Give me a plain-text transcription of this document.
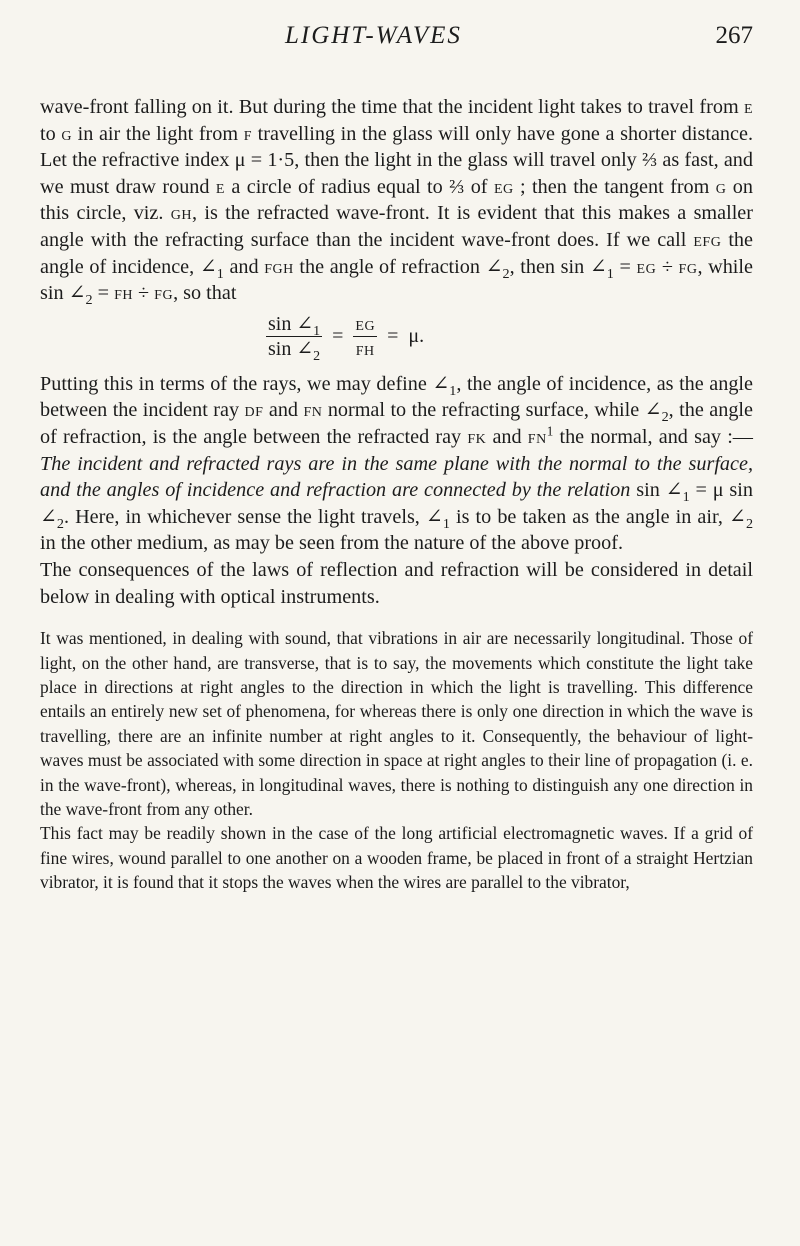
LIGHT-WAVES	267

wave-front falling on it. But during the time that the incident light takes to travel from e to g in air the light from f travelling in the glass will only have gone a shorter distance. Let the refractive index μ = 1·5, then the light in the glass will travel only ⅔ as fast, and we must draw round e a circle of radius equal to ⅔ of eg ; then the tangent from g on this circle, viz. gh, is the refracted wave-front. It is evident that this makes a smaller angle with the refracting surface than the incident wave-front does. If we call efg the angle of incidence, $\angle_1$ and fgh the angle of refraction $\angle_2$, then $\sin \angle_1$ = eg ÷ fg, while $\sin \angle_2$ = fh ÷ fg, so that

$\frac{\sin \angle_1}{\sin \angle_2} = \frac{eg}{fh} = \mu$.

Putting this in terms of the rays, we may define $\angle_1$, the angle of incidence, as the angle between the incident ray df and fn normal to the refracting surface, while $\angle_2$, the angle of refraction, is the angle between the refracted ray fk and $fn^1$ the normal, and say :—The incident and refracted rays are in the same plane with the normal to the surface, and the angles of incidence and refraction are connected by the relation $\sin \angle_1 = \mu$ $\sin \angle_2$. Here, in whichever sense the light travels, $\angle_1$ is to be taken as the angle in air, $\angle_2$ in the other medium, as may be seen from the nature of the above proof.

The consequences of the laws of reflection and refraction will be considered in detail below in dealing with optical instruments.

It was mentioned, in dealing with sound, that vibrations in air are necessarily longitudinal. Those of light, on the other hand, are transverse, that is to say, the movements which constitute the light take place in directions at right angles to the direction in which the light is travelling. This difference entails an entirely new set of phenomena, for whereas there is only one direction in which the wave is travelling, there are an infinite number at right angles to it. Consequently, the behaviour of light-waves must be associated with some direction in space at right angles to their line of propagation (i. e. in the wave-front), whereas, in longitudinal waves, there is nothing to distinguish any one direction in the wave-front from any other.

This fact may be readily shown in the case of the long artificial electromagnetic waves. If a grid of fine wires, wound parallel to one another on a wooden frame, be placed in front of a straight Hertzian vibrator, it is found that it stops the waves when the wires are parallel to the vibrator,
